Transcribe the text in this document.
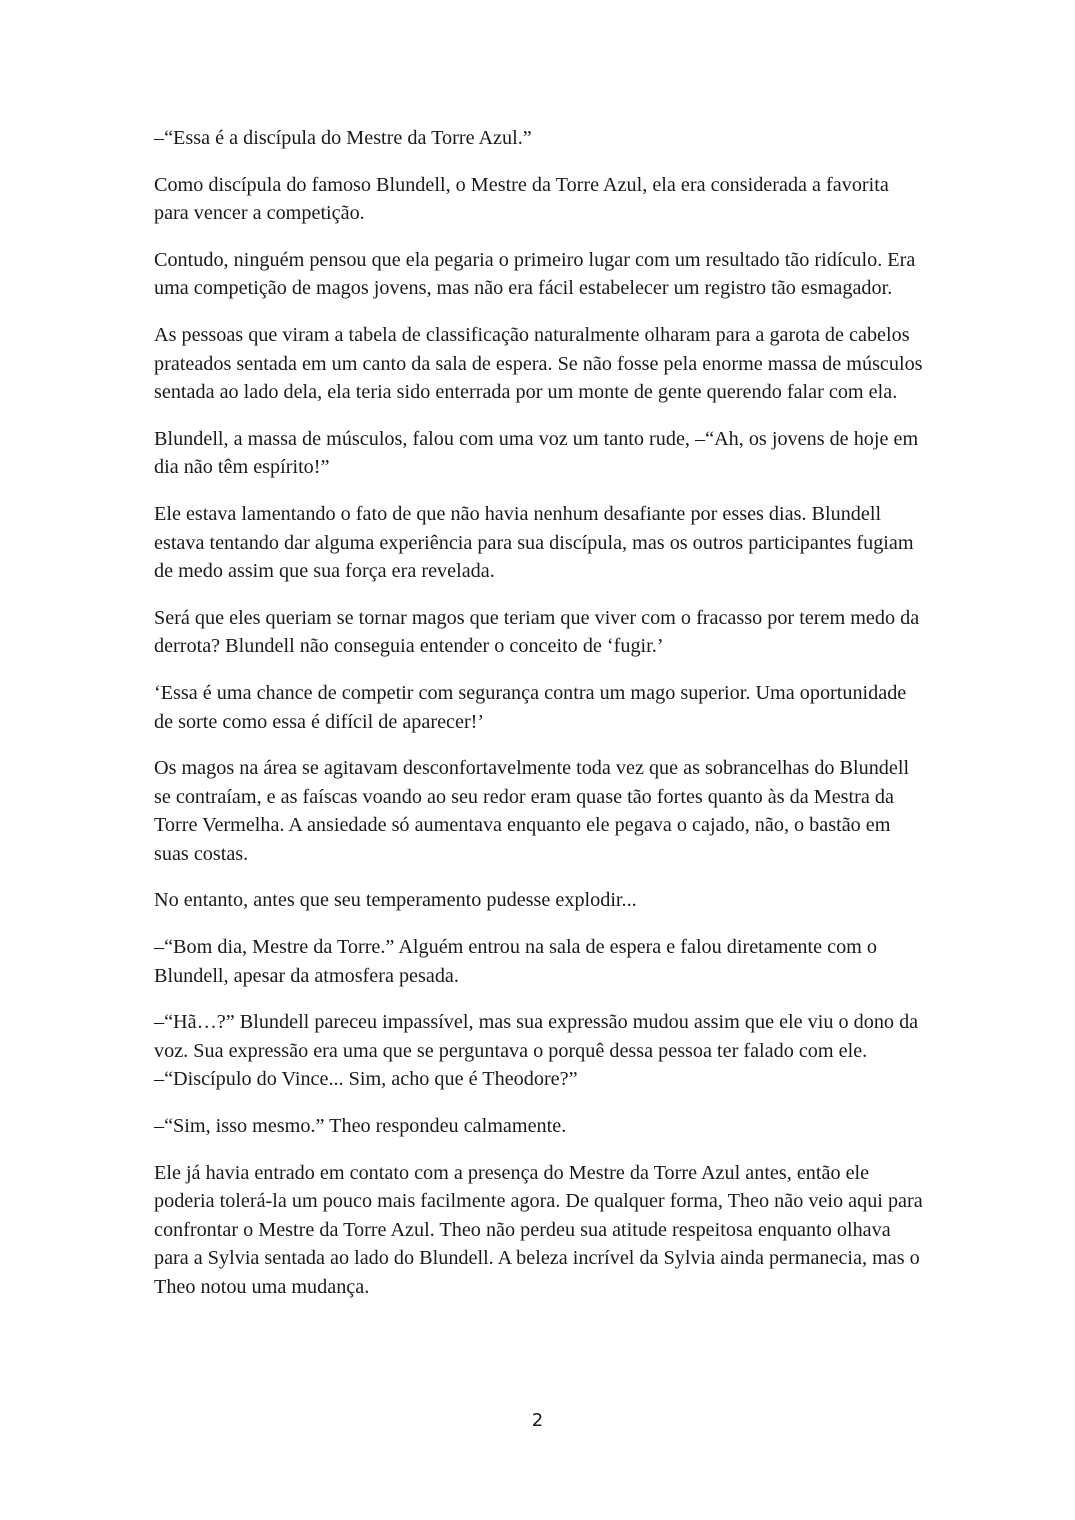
–“Essa é a discípula do Mestre da Torre Azul.”

Como discípula do famoso Blundell, o Mestre da Torre Azul, ela era considerada a favorita para vencer a competição.

Contudo, ninguém pensou que ela pegaria o primeiro lugar com um resultado tão ridículo. Era uma competição de magos jovens, mas não era fácil estabelecer um registro tão esmagador.

As pessoas que viram a tabela de classificação naturalmente olharam para a garota de cabelos prateados sentada em um canto da sala de espera. Se não fosse pela enorme massa de músculos sentada ao lado dela, ela teria sido enterrada por um monte de gente querendo falar com ela.

Blundell, a massa de músculos, falou com uma voz um tanto rude, –“Ah, os jovens de hoje em dia não têm espírito!”

Ele estava lamentando o fato de que não havia nenhum desafiante por esses dias. Blundell estava tentando dar alguma experiência para sua discípula, mas os outros participantes fugiam de medo assim que sua força era revelada.

Será que eles queriam se tornar magos que teriam que viver com o fracasso por terem medo da derrota? Blundell não conseguia entender o conceito de ‘fugir.’

‘Essa é uma chance de competir com segurança contra um mago superior. Uma oportunidade de sorte como essa é difícil de aparecer!’

Os magos na área se agitavam desconfortavelmente toda vez que as sobrancelhas do Blundell se contraíam, e as faíscas voando ao seu redor eram quase tão fortes quanto às da Mestra da Torre Vermelha. A ansiedade só aumentava enquanto ele pegava o cajado, não, o bastão em suas costas.

No entanto, antes que seu temperamento pudesse explodir...

–“Bom dia, Mestre da Torre.” Alguém entrou na sala de espera e falou diretamente com o Blundell, apesar da atmosfera pesada.

–“Hã…?” Blundell pareceu impassível, mas sua expressão mudou assim que ele viu o dono da voz. Sua expressão era uma que se perguntava o porquê dessa pessoa ter falado com ele. –“Discípulo do Vince... Sim, acho que é Theodore?”

–“Sim, isso mesmo.” Theo respondeu calmamente.

Ele já havia entrado em contato com a presença do Mestre da Torre Azul antes, então ele poderia tolerá-la um pouco mais facilmente agora. De qualquer forma, Theo não veio aqui para confrontar o Mestre da Torre Azul. Theo não perdeu sua atitude respeitosa enquanto olhava para a Sylvia sentada ao lado do Blundell. A beleza incrível da Sylvia ainda permanecia, mas o Theo notou uma mudança.

2
